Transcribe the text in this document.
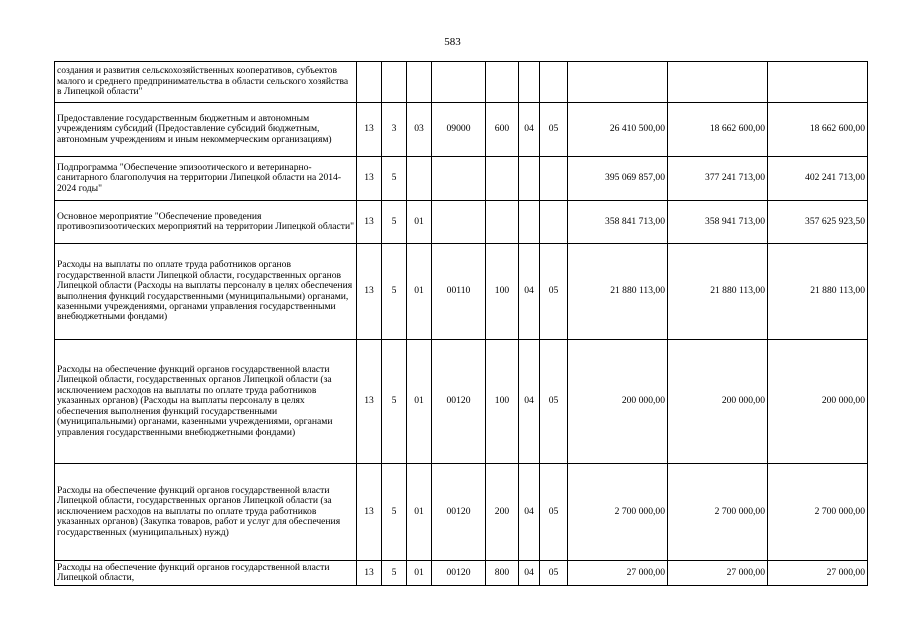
583
создания и развития сельскохозяйственных кооперативов, субъектов малого и среднего предпринимательства в области сельского хозяйства в Липецкой области"										
Предоставление государственным бюджетным и автономным учреждениям субсидий (Предоставление субсидий бюджетным, автономным учреждениям и иным некоммерческим организациям)	13	3	03	09000	600	04	05	26 410 500,00	18 662 600,00	18 662 600,00
Подпрограмма "Обеспечение эпизоотического и ветеринарно-санитарного благополучия на территории Липецкой области на 2014-2024 годы"	13	5						395 069 857,00	377 241 713,00	402 241 713,00
Основное мероприятие "Обеспечение проведения противоэпизоотических мероприятий на территории Липецкой области"	13	5	01					358 841 713,00	358 941 713,00	357 625 923,50
Расходы на выплаты по оплате труда работников органов государственной власти Липецкой области, государственных органов Липецкой области (Расходы на выплаты персоналу в целях обеспечения выполнения функций государственными (муниципальными) органами, казенными учреждениями, органами управления государственными внебюджетными фондами)	13	5	01	00110	100	04	05	21 880 113,00	21 880 113,00	21 880 113,00
Расходы на обеспечение функций органов государственной власти Липецкой области, государственных органов Липецкой области (за исключением расходов на выплаты по оплате труда работников указанных органов) (Расходы на выплаты персоналу в целях обеспечения выполнения функций государственными (муниципальными) органами, казенными учреждениями, органами управления государственными внебюджетными фондами)	13	5	01	00120	100	04	05	200 000,00	200 000,00	200 000,00
Расходы на обеспечение функций органов государственной власти Липецкой области, государственных органов Липецкой области (за исключением расходов на выплаты по оплате труда работников указанных органов) (Закупка товаров, работ и услуг для обеспечения государственных (муниципальных) нужд)	13	5	01	00120	200	04	05	2 700 000,00	2 700 000,00	2 700 000,00
Расходы на обеспечение функций органов государственной власти Липецкой области,	13	5	01	00120	800	04	05	27 000,00	27 000,00	27 000,00
